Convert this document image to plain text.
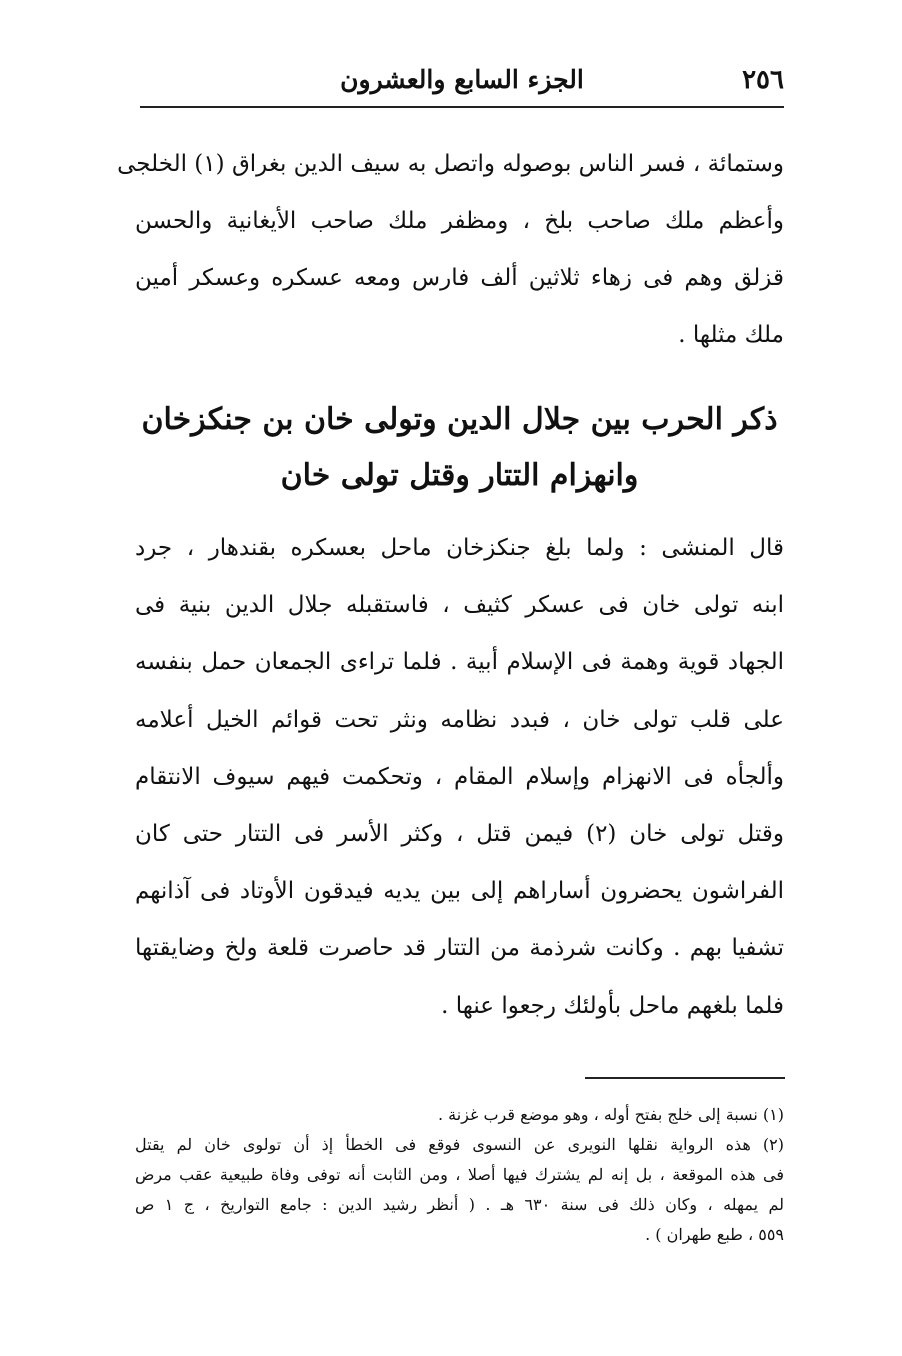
٢٥٦
الجزء السابع والعشرون
وستمائة ، فسر الناس بوصوله واتصل به سيف الدين بغراق (١) الخلجى
وأعظم ملك صاحب بلخ ، ومظفر ملك صاحب الأيغانية والحسن
قزلق وهم فى زهاء ثلاثين ألف فارس ومعه عسكره وعسكر أمين
ملك مثلها .
ذكر الحرب بين جلال الدين وتولى خان بن جنكزخان
وانهزام التتار وقتل تولى خان
قال المنشى : ولما بلغ جنكزخان ماحل بعسكره بقندهار ، جرد
ابنه تولى خان فى عسكر كثيف ، فاستقبله جلال الدين بنية فى
الجهاد قوية وهمة فى الإسلام أبية . فلما تراءى الجمعان حمل بنفسه
على قلب تولى خان ، فبدد نظامه ونثر تحت قوائم الخيل أعلامه
وألجأه فى الانهزام وإسلام المقام ، وتحكمت فيهم سيوف الانتقام
وقتل تولى خان (٢) فيمن قتل ، وكثر الأسر فى التتار حتى كان
الفراشون يحضرون أساراهم إلى بين يديه فيدقون الأوتاد فى آذانهم
تشفيا بهم . وكانت شرذمة من التتار قد حاصرت قلعة ولخ وضايقتها
فلما بلغهم ماحل بأولئك رجعوا عنها .
(١) نسبة إلى خلج بفتح أوله ، وهو موضع قرب غزنة .
(٢) هذه الرواية نقلها النويرى عن النسوى فوقع فى الخطأ إذ أن تولوى خان لم يقتل
فى هذه الموقعة ، بل إنه لم يشترك فيها أصلا ، ومن الثابت أنه توفى وفاة طبيعية عقب مرض
لم يمهله ، وكان ذلك فى سنة ٦٣٠ هـ . ( أنظر رشيد الدين : جامع التواريخ ، ج ١ ص
٥٥٩ ، طبع طهران ) .
